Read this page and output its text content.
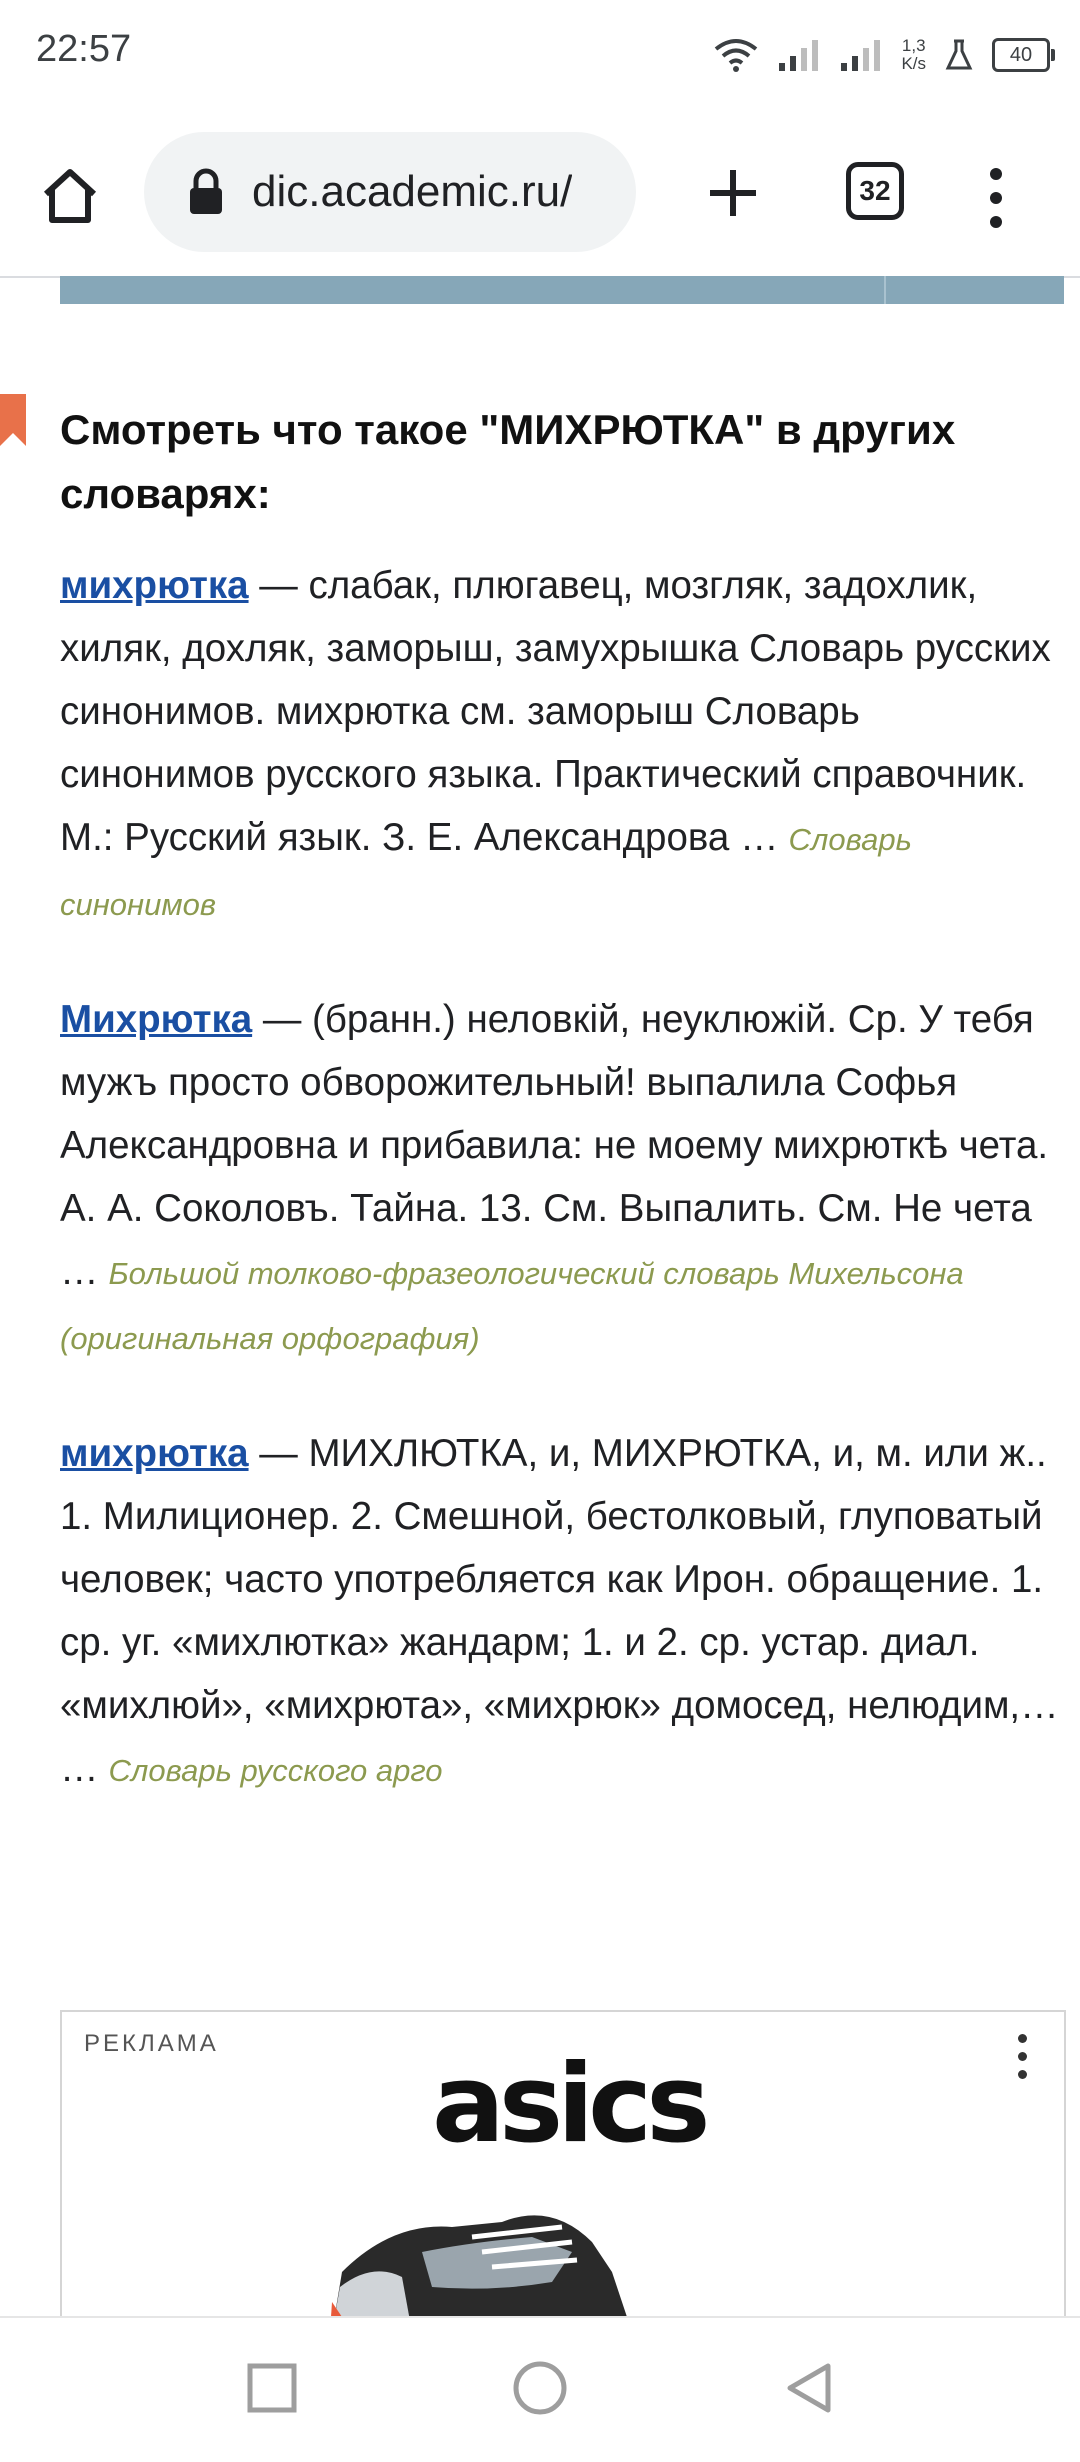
22:57	1,3
K/s	40
dic.academic.ru/	32
Смотреть что такое "МИХРЮТКА" в других словарях:

михрютка — слабак, плюгавец, мозгляк, задохлик, хиляк, дохляк, заморыш, замухрышка Словарь русских синонимов. михрютка см. заморыш Словарь синонимов русского языка. Практический справочник. М.: Русский язык. З. Е. Александрова … Словарь синонимов

Михрютка — (бранн.) неловкій, неуклюжій. Ср. У тебя мужъ просто обворожительный! выпалила Софья Александровна и прибавила: не моему михрюткѣ чета. А. А. Соколовъ. Тайна. 13. См. Выпалить. См. Не чета … Большой толково-фразеологический словарь Михельсона (оригинальная орфография)

михрютка — МИХЛЮТКА, и, МИХРЮТКА, и, м. или ж.. 1. Милиционер. 2. Смешной, бестолковый, глуповатый человек; часто употребляется как Ирон. обращение. 1. ср. уг. «михлютка» жандарм; 1. и 2. ср. устар. диал. «михлюй», «михрюта», «михрюк» домосед, нелюдим,… … Словарь русского арго

РЕКЛАМА asics
